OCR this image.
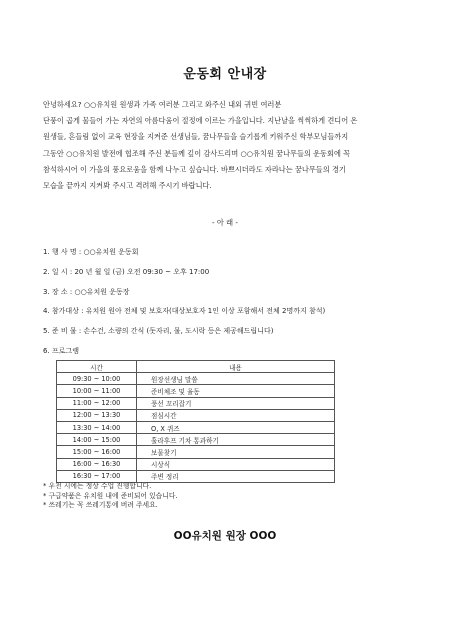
운동회 안내장

안녕하세요? ○○유치원 원생과 가족 여러분 그리고 와주신 내외 귀빈 여러분

단풍이 곱게 물들어 가는 자연의 아름다움이 절정에 이르는 가을입니다. 지난날을 씩씩하게 견디어 온

원생들, 흔들림 없이 교육 현장을 지켜준 선생님들, 꿈나무들을 슬기롭게 키워주신 학부모님들까지

그동안 ○○유치원 발전에 협조해 주신 분들께 깊이 감사드리며 ○○유치원 꿈나무들의 운동회에 꼭

참석하시어 이 가을의 풍요로움을 함께 나누고 싶습니다. 바쁘시더라도 자라나는 꿈나무들의 경기

모습을 끝까지 지켜봐 주시고 격려해 주시기 바랍니다.

- 아 래 -
1. 행 사 명 : ○○유치원 운동회
2. 일 시 : 20 년 월 일 (금) 오전 09:30 ~ 오후 17:00
3. 장 소 : ○○유치원 운동장
4. 참가대상 : 유치원 원아 전체 및 보호자(대상보호자 1인 이상 포함해서 전체 2명까지 참석)
5. 준 비 물 : 손수건, 소량의 간식 (돗자리, 물, 도시락 등은 제공해드립니다)
6. 프로그램
시간	내용
09:30 ~ 10:00	원장선생님 말씀
10:00 ~ 11:00	준비체조 및 율동
11:00 ~ 12:00	풍선 꼬리잡기
12:00 ~ 13:30	점심시간
13:30 ~ 14:00	O, X 퀴즈
14:00 ~ 15:00	훌라후프 기차 통과하기
15:00 ~ 16:00	보물찾기
16:00 ~ 16:30	시상식
16:30 ~ 17:00	주변 정리
* 우천 시에는 정상 수업 진행합니다.
* 구급약품은 유치원 내에 준비되어 있습니다.
* 쓰레기는 꼭 쓰레기통에 버려 주세요.
OO유치원 원장 OOO
